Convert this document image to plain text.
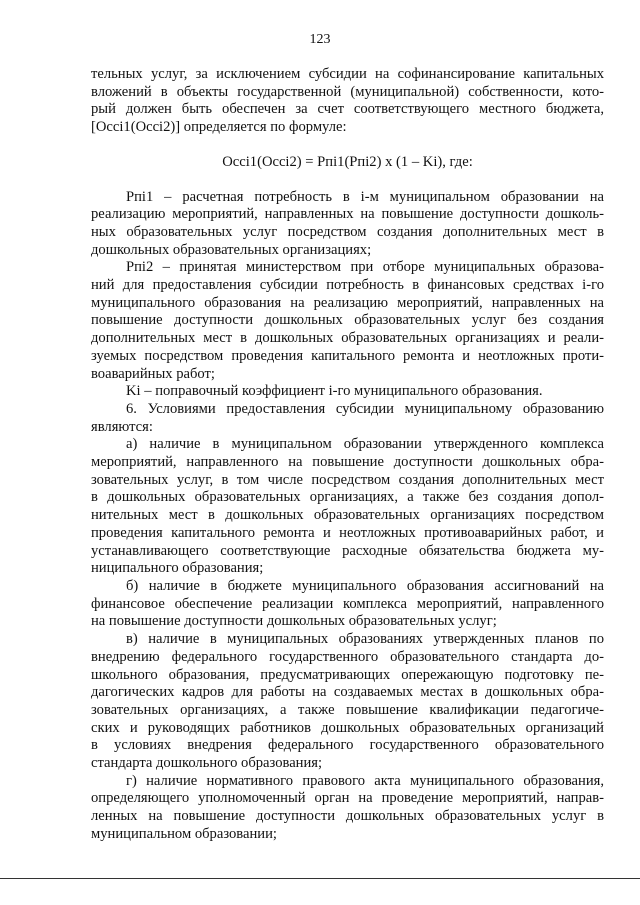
123
тельных услуг, за исключением субсидии на софинансирование капитальных
вложений в объекты государственной (муниципальной) собственности, кото-
рый должен быть обеспечен за счет соответствующего местного бюджета,
[Occi1(Occi2)] определяется по формуле:
Occi1(Occi2) = Pпi1(Pпi2) x (1 – Ki), где:
Pпi1 – расчетная потребность в i-м муниципальном образовании на
реализацию мероприятий, направленных на повышение доступности дошколь-
ных образовательных услуг посредством создания дополнительных мест в
дошкольных образовательных организациях;
Pпi2 – принятая министерством при отборе муниципальных образова-
ний для предоставления субсидии потребность в финансовых средствах i-го
муниципального образования на реализацию мероприятий, направленных на
повышение доступности дошкольных образовательных услуг без создания
дополнительных мест в дошкольных образовательных организациях и реали-
зуемых посредством проведения капитального ремонта и неотложных проти-
воаварийных работ;
Ki – поправочный коэффициент i-го муниципального образования.
6. Условиями предоставления субсидии муниципальному образованию
являются:
а) наличие в муниципальном образовании утвержденного комплекса
мероприятий, направленного на повышение доступности дошкольных обра-
зовательных услуг, в том числе посредством создания дополнительных мест
в дошкольных образовательных организациях, а также без создания допол-
нительных мест в дошкольных образовательных организациях посредством
проведения капитального ремонта и неотложных противоаварийных работ, и
устанавливающего соответствующие расходные обязательства бюджета му-
ниципального образования;
б) наличие в бюджете муниципального образования ассигнований на
финансовое обеспечение реализации комплекса мероприятий, направленного
на повышение доступности дошкольных образовательных услуг;
в) наличие в муниципальных образованиях утвержденных планов по
внедрению федерального государственного образовательного стандарта до-
школьного образования, предусматривающих опережающую подготовку пе-
дагогических кадров для работы на создаваемых местах в дошкольных обра-
зовательных организациях, а также повышение квалификации педагогиче-
ских и руководящих работников дошкольных образовательных организаций
в условиях внедрения федерального государственного образовательного
стандарта дошкольного образования;
г) наличие нормативного правового акта муниципального образования,
определяющего уполномоченный орган на проведение мероприятий, направ-
ленных на повышение доступности дошкольных образовательных услуг в
муниципальном образовании;
